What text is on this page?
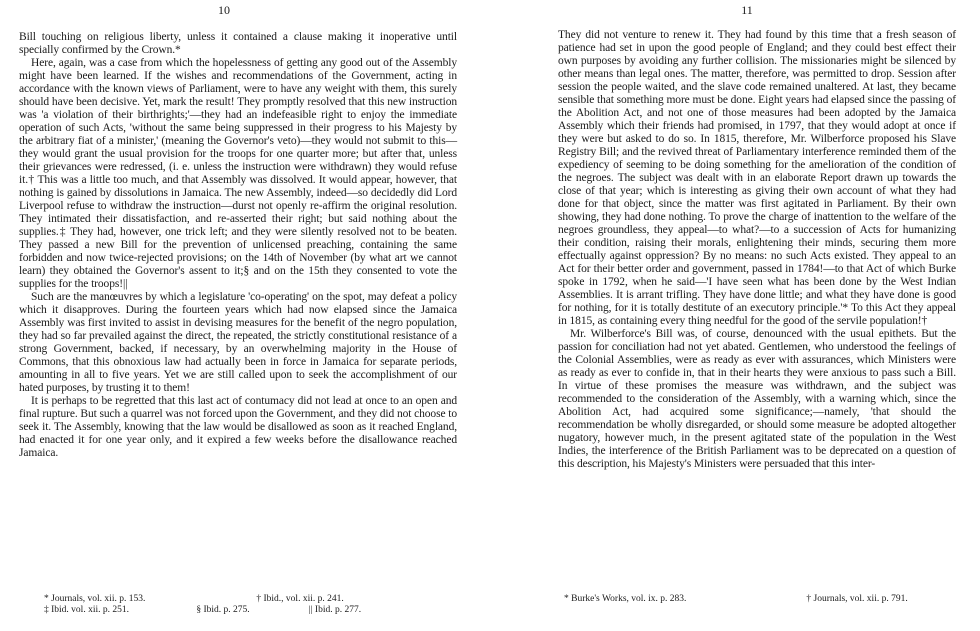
10

Bill touching on religious liberty, unless it contained a clause making it inoperative until specially confirmed by the Crown.*

Here, again, was a case from which the hopelessness of getting any good out of the Assembly might have been learned. If the wishes and recommendations of the Government, acting in accordance with the known views of Parliament, were to have any weight with them, this surely should have been decisive. Yet, mark the result! They promptly resolved that this new instruction was 'a violation of their birthrights;'—they had an indefeasible right to enjoy the immediate operation of such Acts, 'without the same being suppressed in their progress to his Majesty by the arbitrary fiat of a minister,' (meaning the Governor's veto)—they would not submit to this—they would grant the usual provision for the troops for one quarter more; but after that, unless their grievances were redressed, (i. e. unless the instruction were withdrawn) they would refuse it.† This was a little too much, and that Assembly was dissolved. It would appear, however, that nothing is gained by dissolutions in Jamaica. The new Assembly, indeed—so decidedly did Lord Liverpool refuse to withdraw the instruction—durst not openly re-affirm the original resolution. They intimated their dissatisfaction, and re-asserted their right; but said nothing about the supplies.‡ They had, however, one trick left; and they were silently resolved not to be beaten. They passed a new Bill for the prevention of unlicensed preaching, containing the same forbidden and now twice-rejected provisions; on the 14th of November (by what art we cannot learn) they obtained the Governor's assent to it;§ and on the 15th they consented to vote the supplies for the troops!||

Such are the manœuvres by which a legislature 'co-operating' on the spot, may defeat a policy which it disapproves. During the fourteen years which had now elapsed since the Jamaica Assembly was first invited to assist in devising measures for the benefit of the negro population, they had so far prevailed against the direct, the repeated, the strictly constitutional resistance of a strong Government, backed, if necessary, by an overwhelming majority in the House of Commons, that this obnoxious law had actually been in force in Jamaica for separate periods, amounting in all to five years. Yet we are still called upon to seek the accomplishment of our hated purposes, by trusting it to them!

It is perhaps to be regretted that this last act of contumacy did not lead at once to an open and final rupture. But such a quarrel was not forced upon the Government, and they did not choose to seek it. The Assembly, knowing that the law would be disallowed as soon as it reached England, had enacted it for one year only, and it expired a few weeks before the disallowance reached Jamaica.

* Journals, vol. xii. p. 153.	† Ibid., vol. xii. p. 241.
‡ Ibid. vol. xii. p. 251.	§ Ibid. p. 275.	|| Ibid. p. 277.
11

They did not venture to renew it. They had found by this time that a fresh season of patience had set in upon the good people of England; and they could best effect their own purposes by avoiding any further collision. The missionaries might be silenced by other means than legal ones. The matter, therefore, was permitted to drop. Session after session the people waited, and the slave code remained unaltered. At last, they became sensible that something more must be done. Eight years had elapsed since the passing of the Abolition Act, and not one of those measures had been adopted by the Jamaica Assembly which their friends had promised, in 1797, that they would adopt at once if they were but asked to do so. In 1815, therefore, Mr. Wilberforce proposed his Slave Registry Bill; and the revived threat of Parliamentary interference reminded them of the expediency of seeming to be doing something for the amelioration of the condition of the negroes. The subject was dealt with in an elaborate Report drawn up towards the close of that year; which is interesting as giving their own account of what they had done for that object, since the matter was first agitated in Parliament. By their own showing, they had done nothing. To prove the charge of inattention to the welfare of the negroes groundless, they appeal—to what?—to a succession of Acts for humanizing their condition, raising their morals, enlightening their minds, securing them more effectually against oppression? By no means: no such Acts existed. They appeal to an Act for their better order and government, passed in 1784!—to that Act of which Burke spoke in 1792, when he said—'I have seen what has been done by the West Indian Assemblies. It is arrant trifling. They have done little; and what they have done is good for nothing, for it is totally destitute of an executory principle.'* To this Act they appeal in 1815, as containing every thing needful for the good of the servile population!†

Mr. Wilberforce's Bill was, of course, denounced with the usual epithets. But the passion for conciliation had not yet abated. Gentlemen, who understood the feelings of the Colonial Assemblies, were as ready as ever with assurances, which Ministers were as ready as ever to confide in, that in their hearts they were anxious to pass such a Bill. In virtue of these promises the measure was withdrawn, and the subject was recommended to the consideration of the Assembly, with a warning which, since the Abolition Act, had acquired some significance;—namely, 'that should the recommendation be wholly disregarded, or should some measure be adopted altogether nugatory, however much, in the present agitated state of the population in the West Indies, the interference of the British Parliament was to be deprecated on a question of this description, his Majesty's Ministers were persuaded that this inter-

* Burke's Works, vol. ix. p. 283.	† Journals, vol. xii. p. 791.
